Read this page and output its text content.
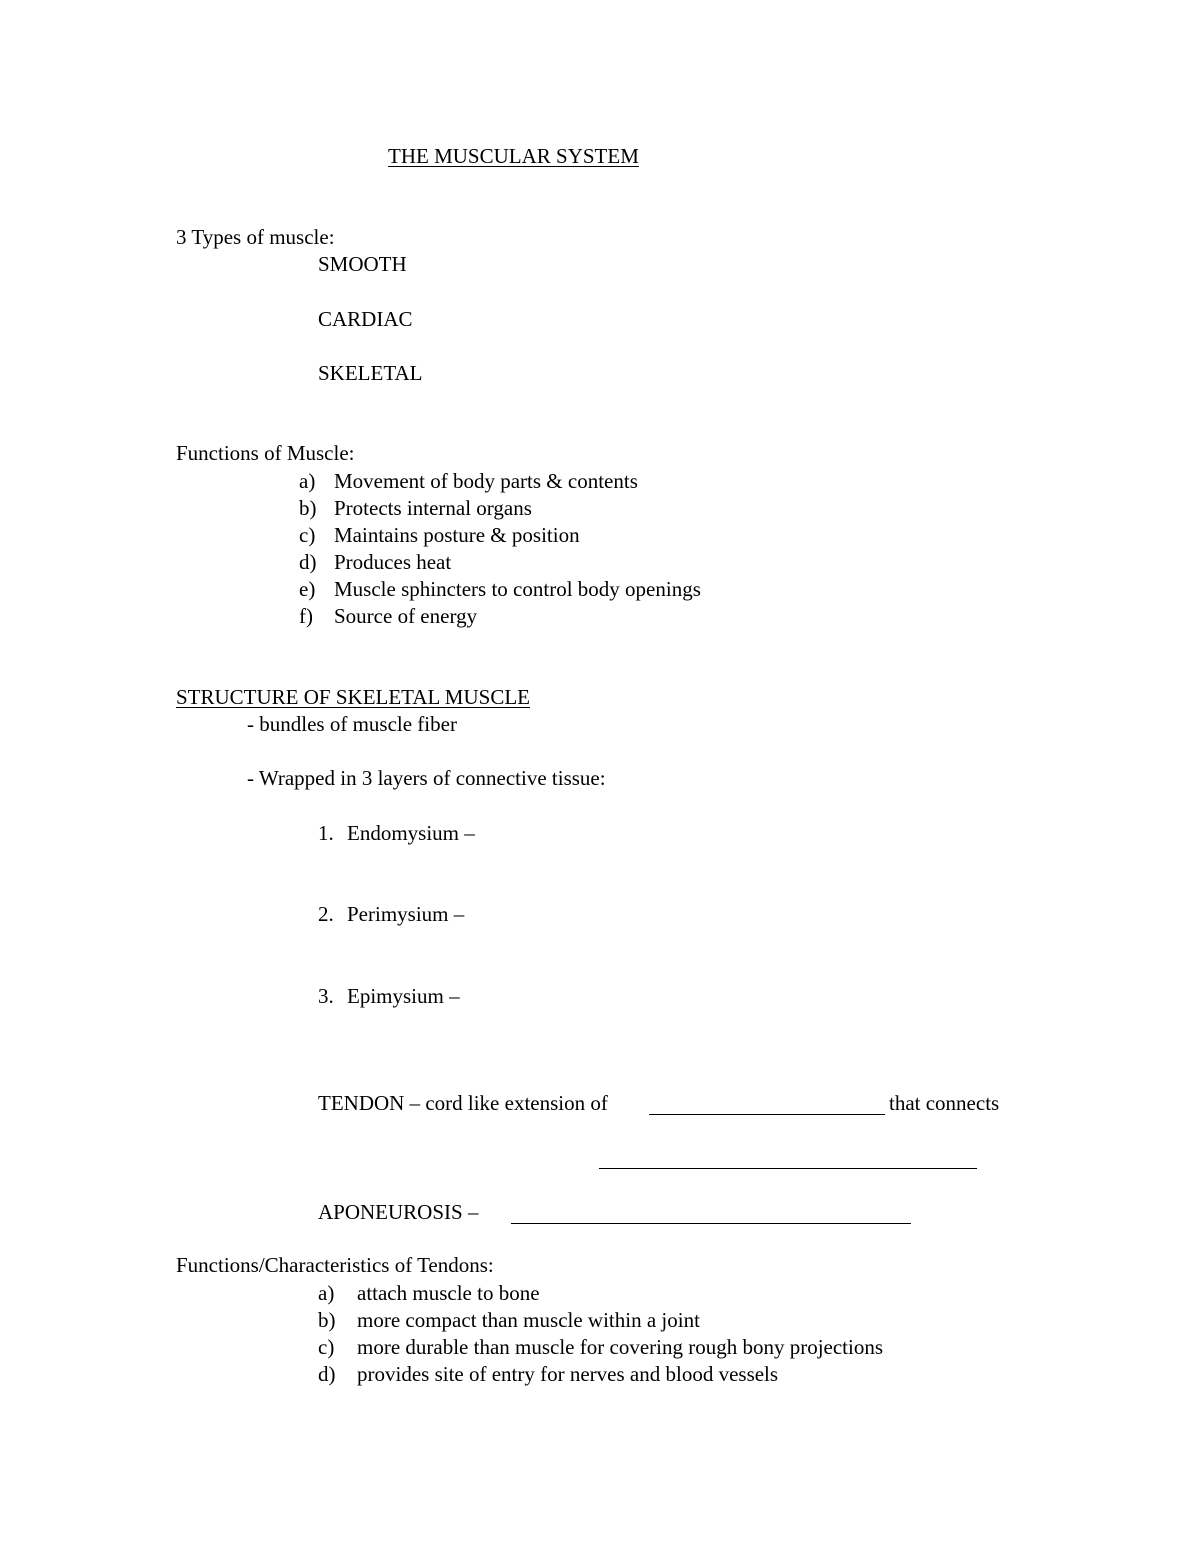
THE MUSCULAR SYSTEM
3 Types of muscle:
SMOOTH
CARDIAC
SKELETAL
Functions of Muscle:
a) Movement of body parts & contents
b) Protects internal organs
c) Maintains posture & position
d) Produces heat
e) Muscle sphincters to control body openings
f) Source of energy
STRUCTURE OF SKELETAL MUSCLE
- bundles of muscle fiber
- Wrapped in 3 layers of connective tissue:
1. Endomysium –
2. Perimysium –
3. Epimysium –
TENDON – cord like extension of	that connects
APONEUROSIS –
Functions/Characteristics of Tendons:
a) attach muscle to bone
b) more compact than muscle within a joint
c) more durable than muscle for covering rough bony projections
d) provides site of entry for nerves and blood vessels
